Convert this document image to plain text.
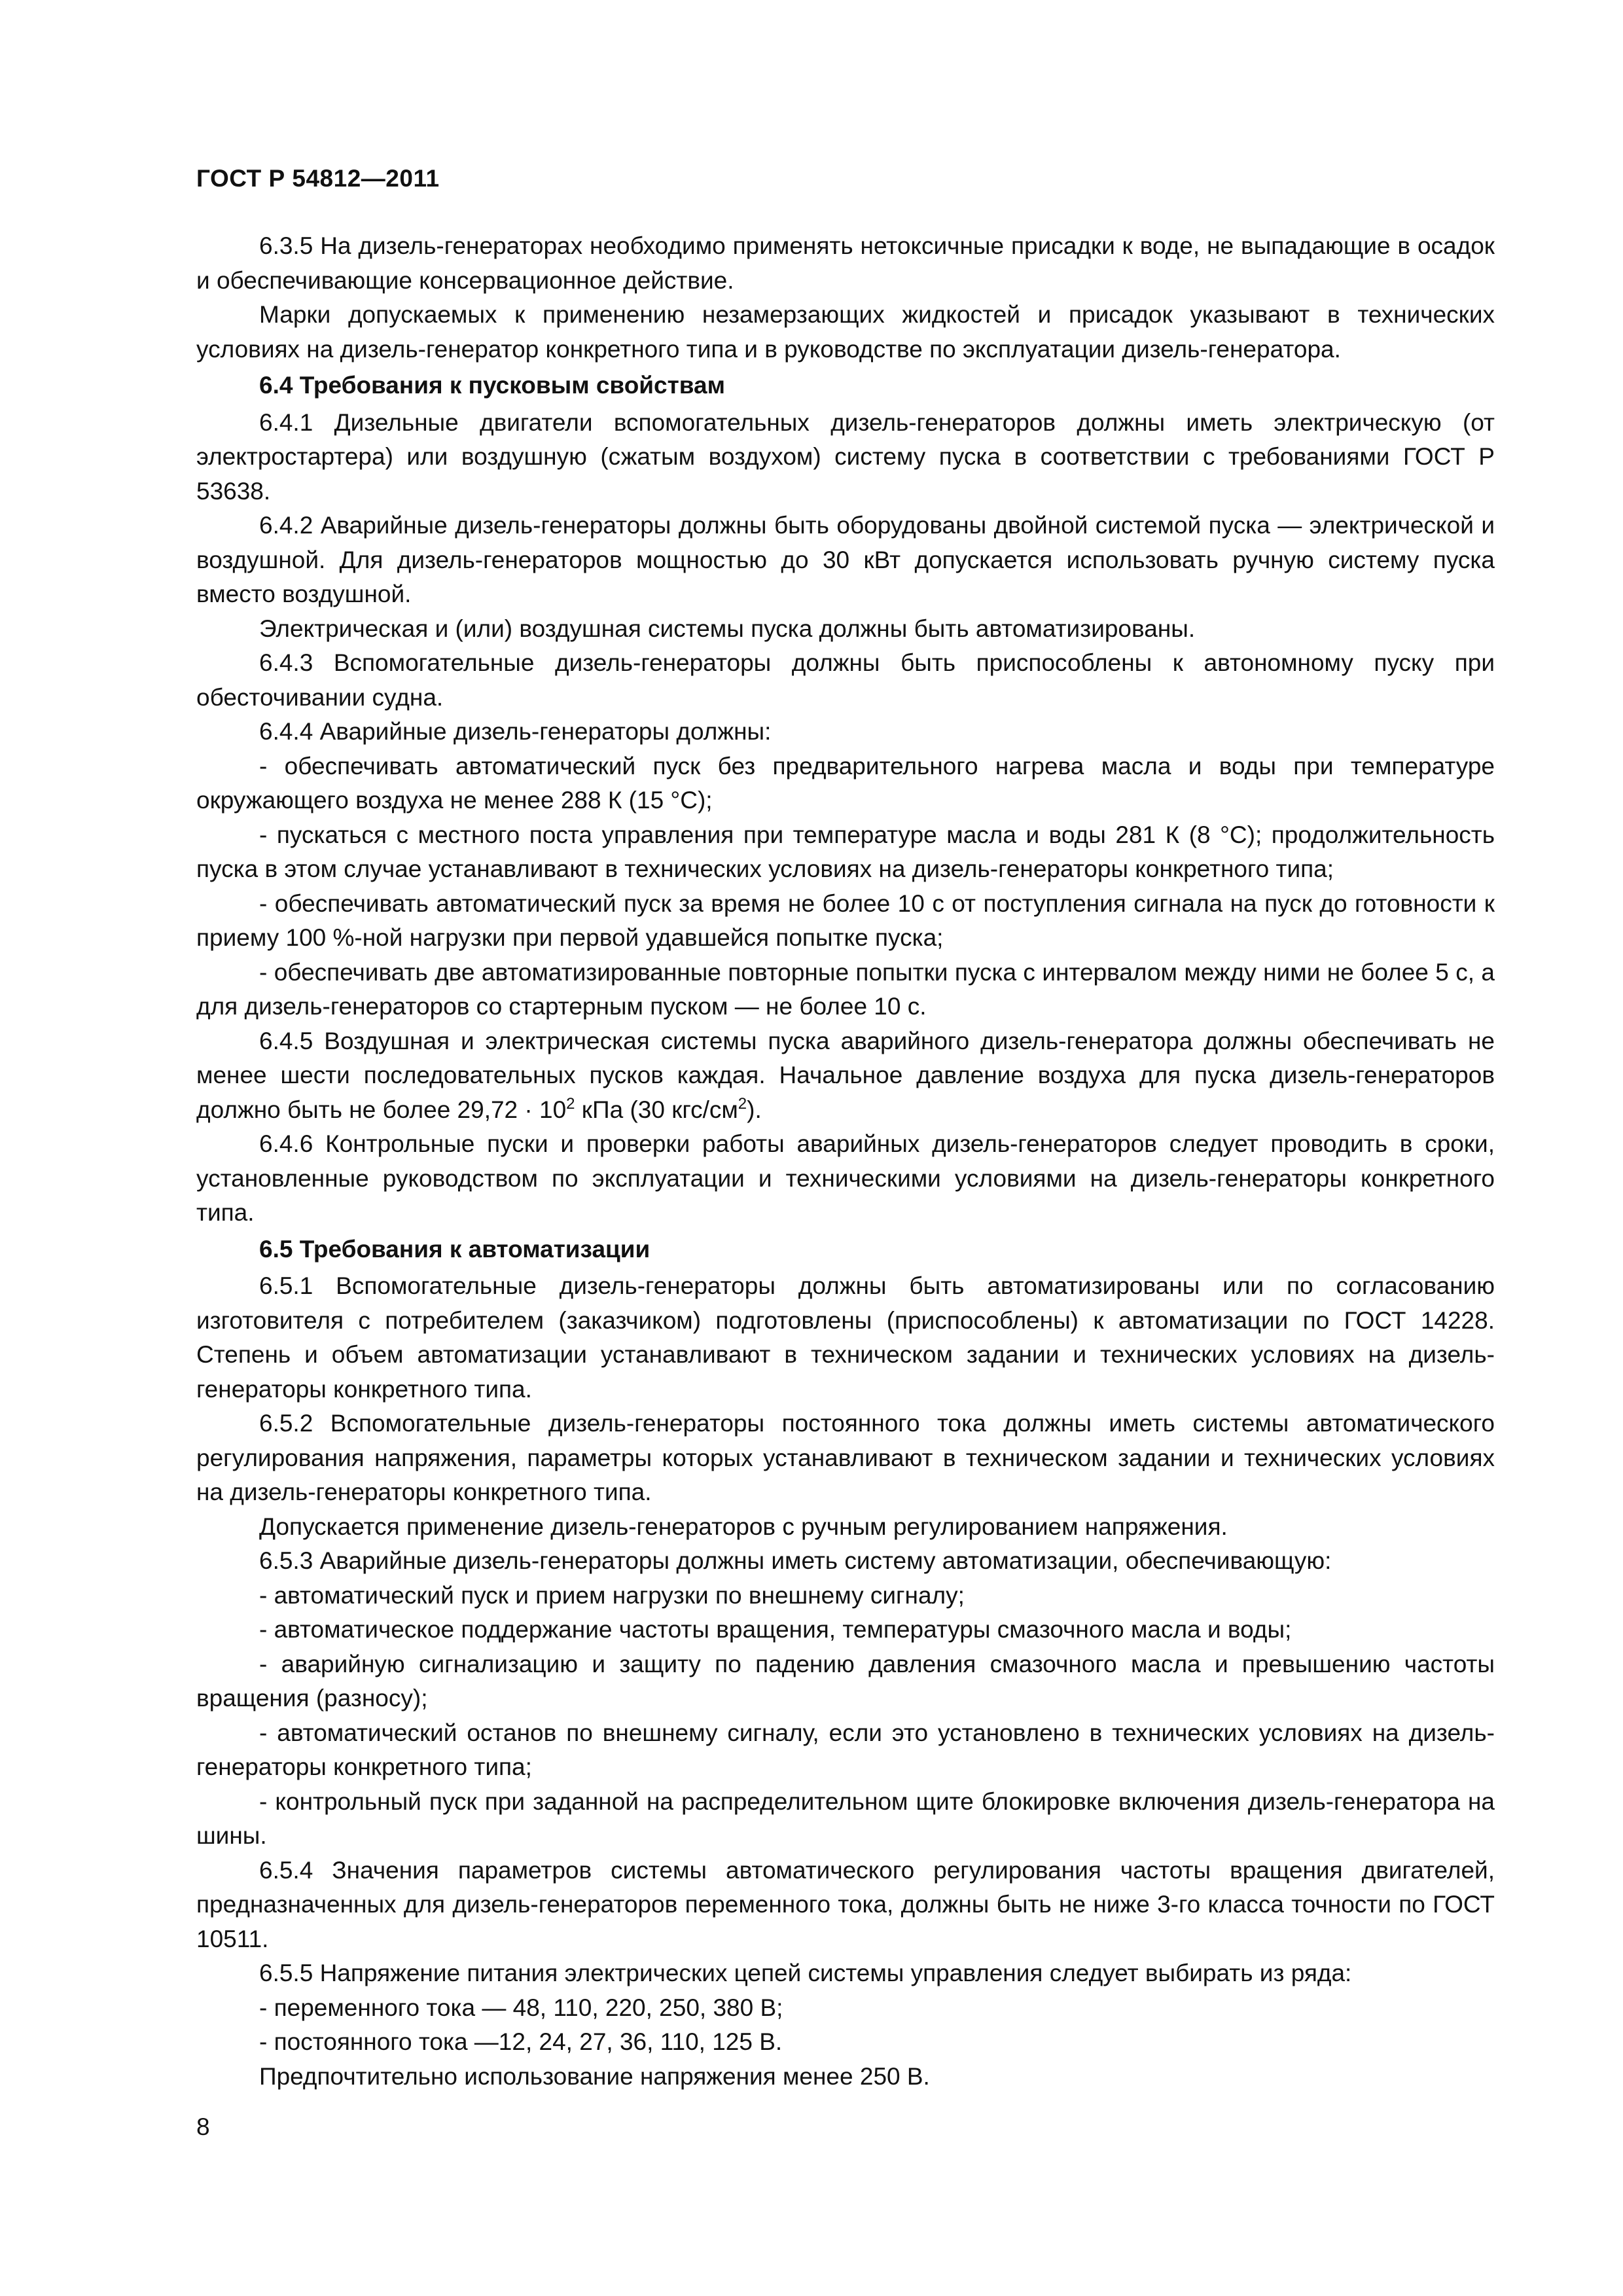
ГОСТ Р 54812—2011

6.3.5 На дизель-генераторах необходимо применять нетоксичные присадки к воде, не выпадающие в осадок и обеспечивающие консервационное действие.

Марки допускаемых к применению незамерзающих жидкостей и присадок указывают в технических условиях на дизель-генератор конкретного типа и в руководстве по эксплуатации дизель-генератора.

6.4 Требования к пусковым свойствам

6.4.1 Дизельные двигатели вспомогательных дизель-генераторов должны иметь электрическую (от электростартера) или воздушную (сжатым воздухом) систему пуска в соответствии с требованиями ГОСТ Р 53638.

6.4.2 Аварийные дизель-генераторы должны быть оборудованы двойной системой пуска — электрической и воздушной. Для дизель-генераторов мощностью до 30 кВт допускается использовать ручную систему пуска вместо воздушной.

Электрическая и (или) воздушная системы пуска должны быть автоматизированы.

6.4.3 Вспомогательные дизель-генераторы должны быть приспособлены к автономному пуску при обесточивании судна.

6.4.4 Аварийные дизель-генераторы должны:

- обеспечивать автоматический пуск без предварительного нагрева масла и воды при температуре окружающего воздуха не менее 288 К (15 °С);

- пускаться с местного поста управления при температуре масла и воды 281 К (8 °С); продолжительность пуска в этом случае устанавливают в технических условиях на дизель-генераторы конкретного типа;

- обеспечивать автоматический пуск за время не более 10 с от поступления сигнала на пуск до готовности к приему 100 %-ной нагрузки при первой удавшейся попытке пуска;

- обеспечивать две автоматизированные повторные попытки пуска с интервалом между ними не более 5 с, а для дизель-генераторов со стартерным пуском — не более 10 с.

6.4.5 Воздушная и электрическая системы пуска аварийного дизель-генератора должны обеспечивать не менее шести последовательных пусков каждая. Начальное давление воздуха для пуска дизель-генераторов должно быть не более $29,72 \cdot 10^2$ кПа (30 кгс/$см^2$).

6.4.6 Контрольные пуски и проверки работы аварийных дизель-генераторов следует проводить в сроки, установленные руководством по эксплуатации и техническими условиями на дизель-генераторы конкретного типа.

6.5 Требования к автоматизации

6.5.1 Вспомогательные дизель-генераторы должны быть автоматизированы или по согласованию изготовителя с потребителем (заказчиком) подготовлены (приспособлены) к автоматизации по ГОСТ 14228. Степень и объем автоматизации устанавливают в техническом задании и технических условиях на дизель-генераторы конкретного типа.

6.5.2 Вспомогательные дизель-генераторы постоянного тока должны иметь системы автоматического регулирования напряжения, параметры которых устанавливают в техническом задании и технических условиях на дизель-генераторы конкретного типа.

Допускается применение дизель-генераторов с ручным регулированием напряжения.

6.5.3 Аварийные дизель-генераторы должны иметь систему автоматизации, обеспечивающую:

- автоматический пуск и прием нагрузки по внешнему сигналу;

- автоматическое поддержание частоты вращения, температуры смазочного масла и воды;

- аварийную сигнализацию и защиту по падению давления смазочного масла и превышению частоты вращения (разносу);

- автоматический останов по внешнему сигналу, если это установлено в технических условиях на дизель-генераторы конкретного типа;

- контрольный пуск при заданной на распределительном щите блокировке включения дизель-генератора на шины.

6.5.4 Значения параметров системы автоматического регулирования частоты вращения двигателей, предназначенных для дизель-генераторов переменного тока, должны быть не ниже 3-го класса точности по ГОСТ 10511.

6.5.5 Напряжение питания электрических цепей системы управления следует выбирать из ряда:

- переменного тока — 48, 110, 220, 250, 380 В;

- постоянного тока —12, 24, 27, 36, 110, 125 В.

Предпочтительно использование напряжения менее 250 В.

8
